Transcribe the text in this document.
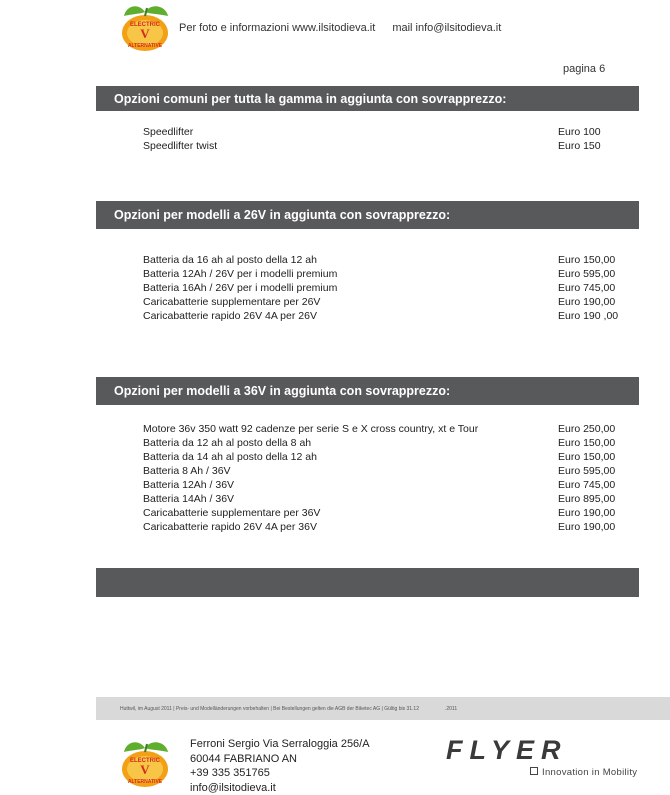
ELECTRIC
V
ALTERNATIVE
Per foto e informazioni www.ilsitodieva.it mail info@ilsitodieva.it
pagina 6
Opzioni comuni per tutta la gamma in aggiunta con sovrapprezzo:
Speedlifter	Euro 100
Speedlifter twist	Euro 150
Opzioni per modelli a 26V in aggiunta con sovrapprezzo:
Batteria da 16 ah al posto della 12 ah	Euro 150,00
Batteria 12Ah / 26V per i modelli premium	Euro 595,00
Batteria 16Ah / 26V per i modelli premium	Euro 745,00
Caricabatterie supplementare per 26V	Euro 190,00
Caricabatterie rapido 26V 4A per 26V	Euro 190 ,00
Opzioni per modelli a 36V in aggiunta con sovrapprezzo:
Motore 36v 350 watt 92 cadenze per serie S e X cross country, xt e Tour	Euro 250,00
Batteria da 12 ah al posto della 8 ah	Euro 150,00
Batteria da 14 ah al posto della 12 ah	Euro 150,00
Batteria 8 Ah / 36V	Euro 595,00
Batteria 12Ah / 36V	Euro 745,00
Batteria 14Ah / 36V	Euro 895,00
Caricabatterie supplementare per 36V	Euro 190,00
Caricabatterie rapido 26V 4A per 36V	Euro 190,00
Huttwil, im August 2011 | Preis- und Modelländerungen vorbehalten | Bei Bestellungen gelten die AGB der Biketec AG | Gültig bis 31.12	.2011
ELECTRIC
V
ALTERNATIVE
Ferroni Sergio Via Serraloggia 256/A
60044 FABRIANO AN
+39 335 351765
info@ilsitodieva.it
FLYER
Innovation in Mobility
